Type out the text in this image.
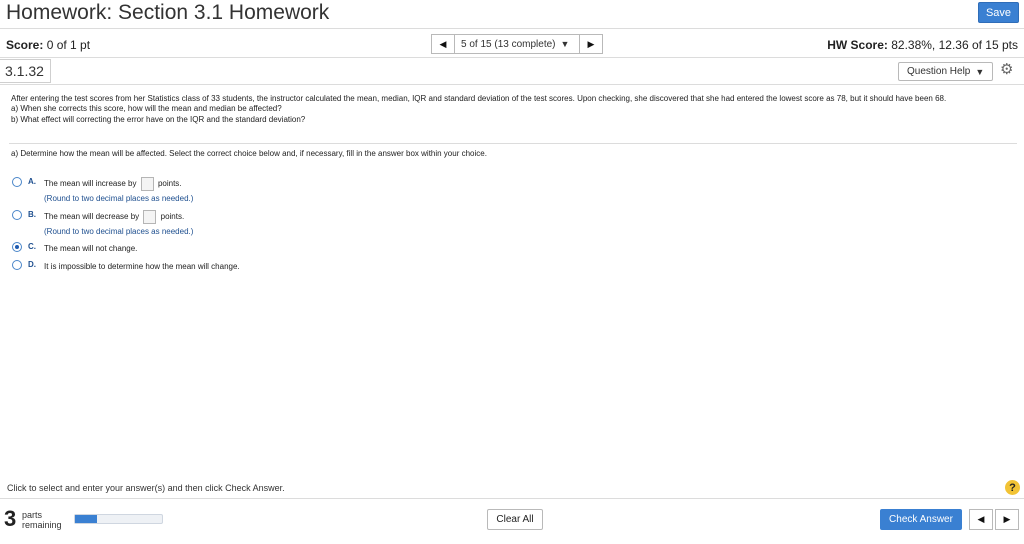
Homework: Section 3.1 Homework	Save
Score: 0 of 1 pt	◀ 5 of 15 (13 complete) ▼ ▶	HW Score: 82.38%, 12.36 of 15 pts
3.1.32	Question Help ▼ ⚙

After entering the test scores from her Statistics class of 33 students, the instructor calculated the mean, median, IQR and standard deviation of the test scores. Upon checking, she discovered that she had entered the lowest score as 78, but it should have been 68.

a) When she corrects this score, how will the mean and median be affected?

b) What effect will correcting the error have on the IQR and the standard deviation?

a) Determine how the mean will be affected. Select the correct choice below and, if necessary, fill in the answer box within your choice.
A.	The mean will increase by	points.
(Round to two decimal places as needed.)
B.	The mean will decrease by	points.
(Round to two decimal places as needed.)
C.	The mean will not change.
D.	It is impossible to determine how the mean will change.
Click to select and enter your answer(s) and then click Check Answer.	?
3 parts
remaining	Clear All	Check Answer	◀ ▶
